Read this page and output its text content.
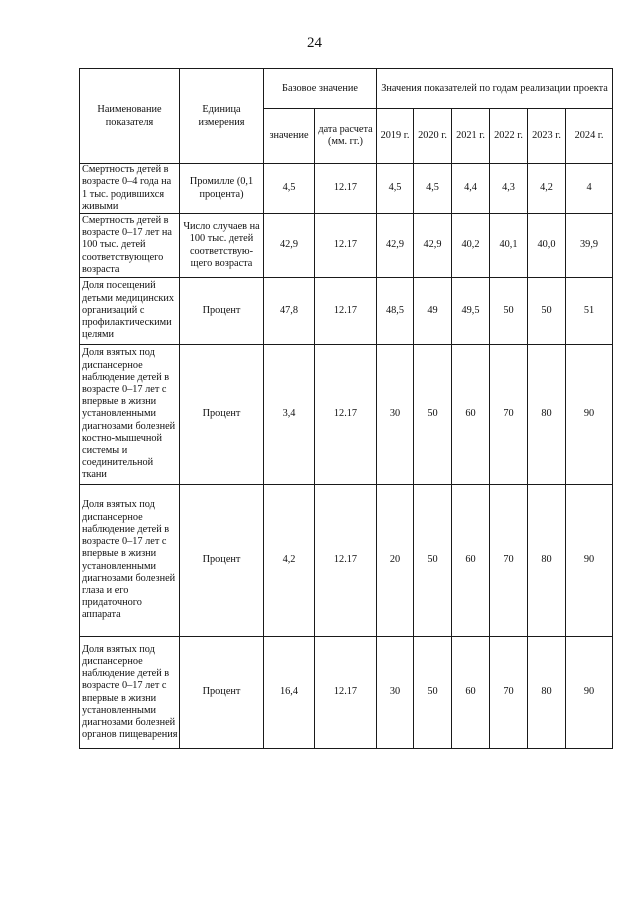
24
Наименование показателя	Единица измерения	Базовое значение		Значения показателей по годам реализации проекта					
		значение	дата расчета (мм. гг.)	2019 г.	2020 г.	2021 г.	2022 г.	2023 г.	2024 г.
Смертность детей в возрасте 0–4 года на 1 тыс. родившихся живыми	Промилле (0,1 процента)	4,5	12.17	4,5	4,5	4,4	4,3	4,2	4
Смертность детей в возрасте 0–17 лет на 100 тыс. детей соответствующего возраста	Число случаев на 100 тыс. детей соответствую-щего возраста	42,9	12.17	42,9	42,9	40,2	40,1	40,0	39,9
Доля посещений детьми медицинских организаций с профилактическими целями	Процент	47,8	12.17	48,5	49	49,5	50	50	51
Доля взятых под диспансерное наблюдение детей в возрасте 0–17 лет с впервые в жизни установленными диагнозами болезней костно-мышечной системы и соединительной ткани	Процент	3,4	12.17	30	50	60	70	80	90
Доля взятых под диспансерное наблюдение детей в возрасте 0–17 лет с впервые в жизни установленными диагнозами болезней глаза и его придаточного аппарата	Процент	4,2	12.17	20	50	60	70	80	90
Доля взятых под диспансерное наблюдение детей в возрасте 0–17 лет с впервые в жизни установленными диагнозами болезней органов пищеварения	Процент	16,4	12.17	30	50	60	70	80	90
